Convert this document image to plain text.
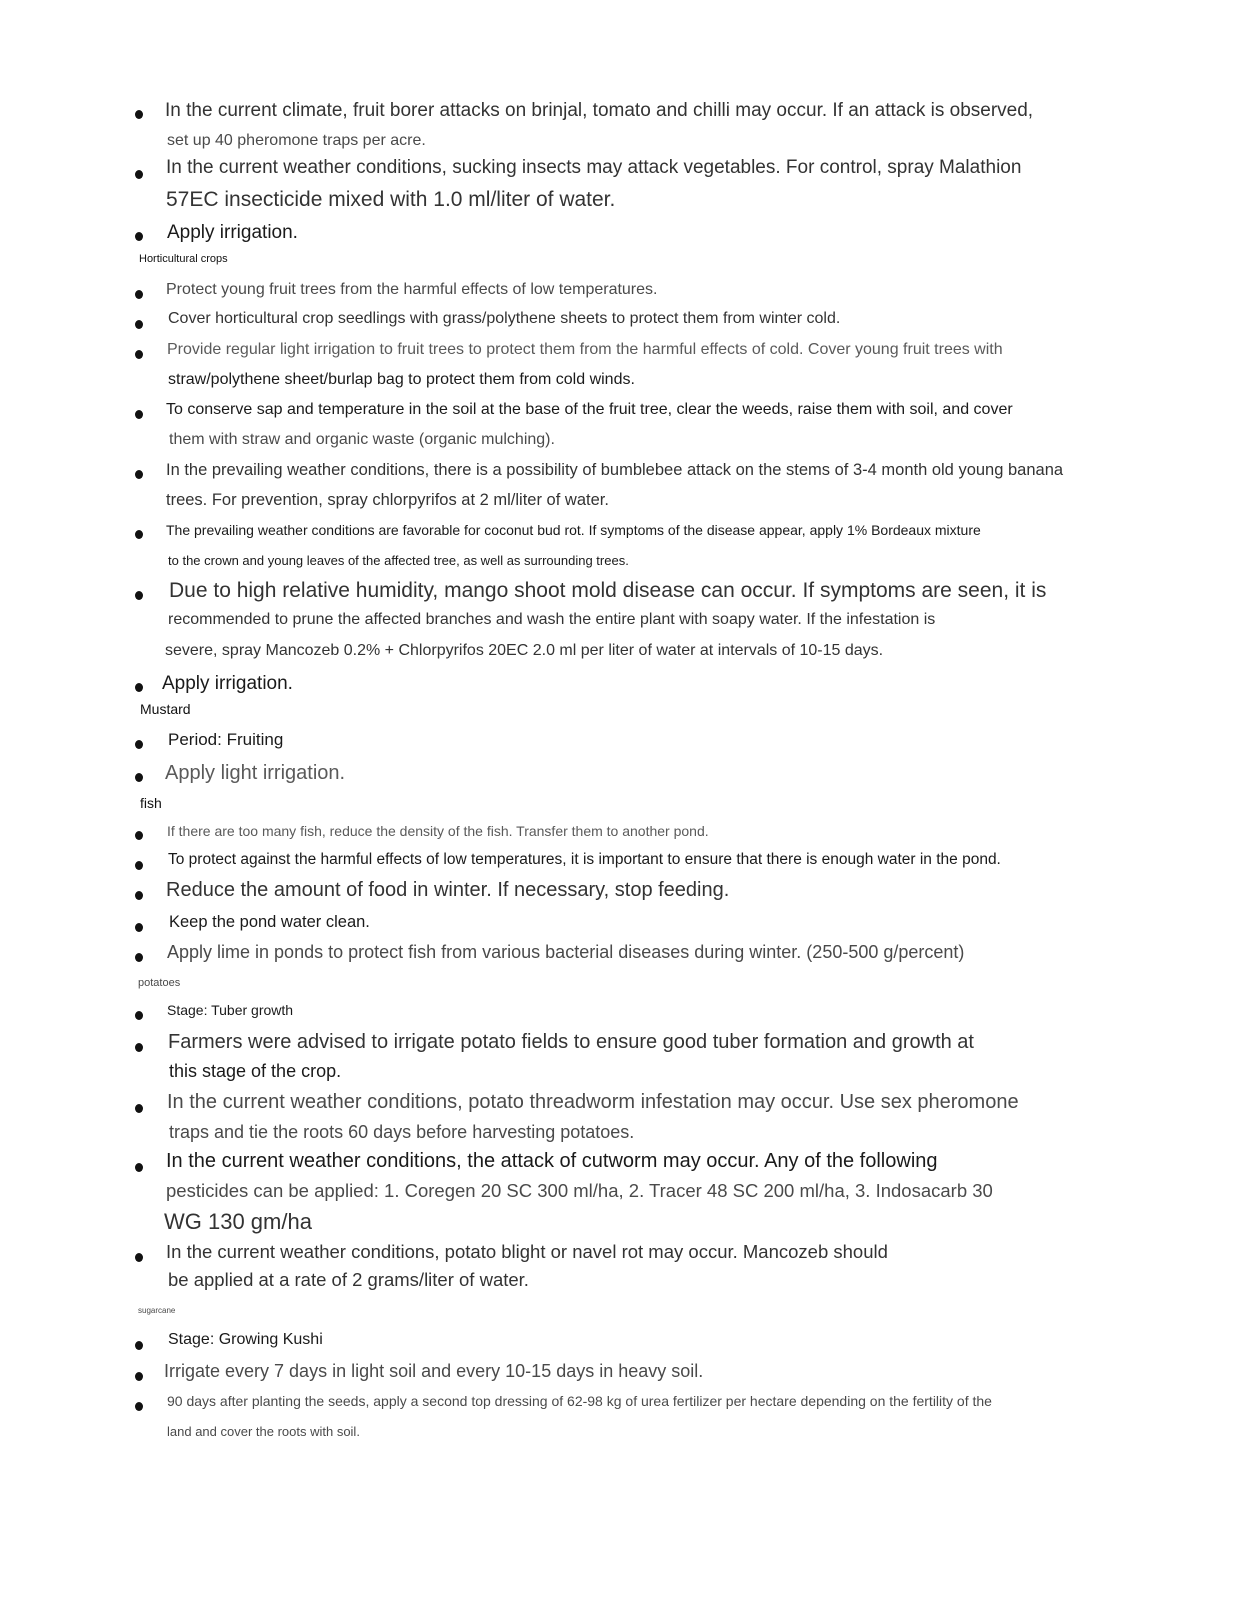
In the current climate, fruit borer attacks on brinjal, tomato and chilli may occur. If an attack is observed,
set up 40 pheromone traps per acre.
In the current weather conditions, sucking insects may attack vegetables. For control, spray Malathion
57EC insecticide mixed with 1.0 ml/liter of water.
Apply irrigation.
Horticultural crops
Protect young fruit trees from the harmful effects of low temperatures.
Cover horticultural crop seedlings with grass/polythene sheets to protect them from winter cold.
Provide regular light irrigation to fruit trees to protect them from the harmful effects of cold. Cover young fruit trees with
straw/polythene sheet/burlap bag to protect them from cold winds.
To conserve sap and temperature in the soil at the base of the fruit tree, clear the weeds, raise them with soil, and cover
them with straw and organic waste (organic mulching).
In the prevailing weather conditions, there is a possibility of bumblebee attack on the stems of 3-4 month old young banana
trees. For prevention, spray chlorpyrifos at 2 ml/liter of water.
The prevailing weather conditions are favorable for coconut bud rot. If symptoms of the disease appear, apply 1% Bordeaux mixture
to the crown and young leaves of the affected tree, as well as surrounding trees.
Due to high relative humidity, mango shoot mold disease can occur. If symptoms are seen, it is
recommended to prune the affected branches and wash the entire plant with soapy water. If the infestation is
severe, spray Mancozeb 0.2% + Chlorpyrifos 20EC 2.0 ml per liter of water at intervals of 10-15 days.
Apply irrigation.
Mustard
Period: Fruiting
Apply light irrigation.
fish
If there are too many fish, reduce the density of the fish. Transfer them to another pond.
To protect against the harmful effects of low temperatures, it is important to ensure that there is enough water in the pond.
Reduce the amount of food in winter. If necessary, stop feeding.
Keep the pond water clean.
Apply lime in ponds to protect fish from various bacterial diseases during winter. (250-500 g/percent)
potatoes
Stage: Tuber growth
Farmers were advised to irrigate potato fields to ensure good tuber formation and growth at
this stage of the crop.
In the current weather conditions, potato threadworm infestation may occur. Use sex pheromone
traps and tie the roots 60 days before harvesting potatoes.
In the current weather conditions, the attack of cutworm may occur. Any of the following
pesticides can be applied: 1. Coregen 20 SC 300 ml/ha, 2. Tracer 48 SC 200 ml/ha, 3. Indosacarb 30
WG 130 gm/ha
In the current weather conditions, potato blight or navel rot may occur. Mancozeb should
be applied at a rate of 2 grams/liter of water.
sugarcane
Stage: Growing Kushi
Irrigate every 7 days in light soil and every 10-15 days in heavy soil.
90 days after planting the seeds, apply a second top dressing of 62-98 kg of urea fertilizer per hectare depending on the fertility of the
land and cover the roots with soil.
